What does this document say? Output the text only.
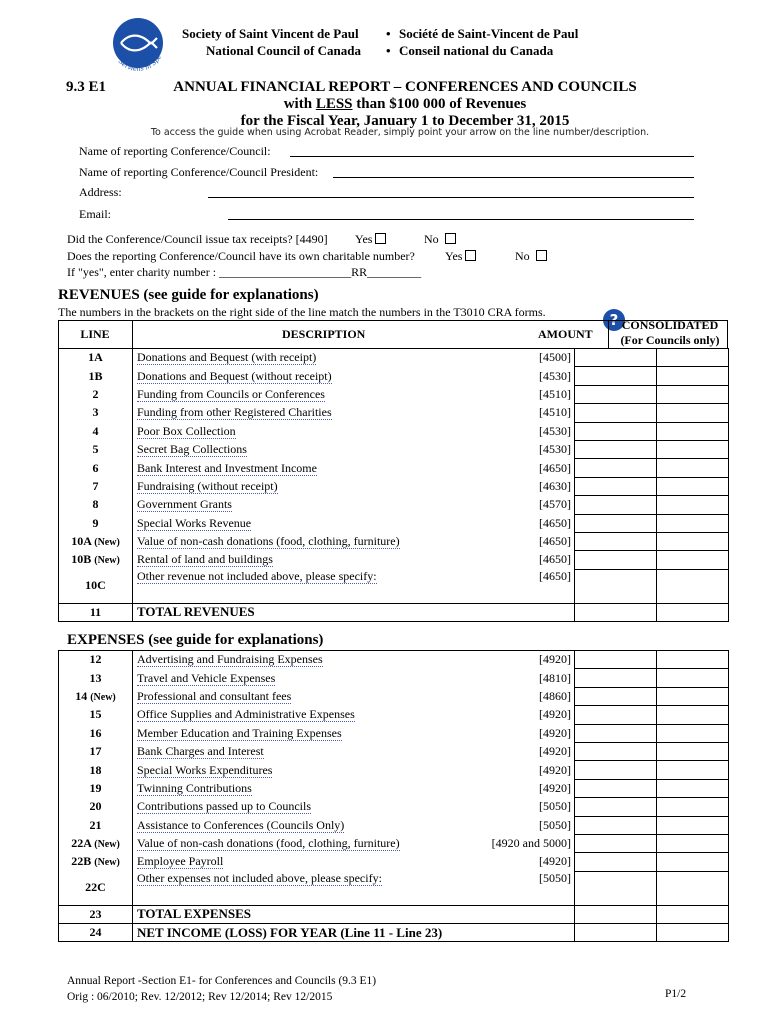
Serviens in Spe
Society of Saint Vincent de Paul • Société de Saint-Vincent de Paul
National Council of Canada • Conseil national du Canada
9.3 E1	ANNUAL FINANCIAL REPORT – CONFERENCES AND COUNCILS
with LESS than $100 000 of Revenues
for the Fiscal Year, January 1 to December 31, 2015
To access the guide when using Acrobat Reader, simply point your arrow on the line number/description.
Name of reporting Conference/Council:
Name of reporting Conference/Council President:
Address:
Email:
Did the Conference/Council issue tax receipts? [4490] Yes	No
Does the reporting Conference/Council have its own charitable number?	Yes	No
If "yes", enter charity number : ______________________RR_________
REVENUES (see guide for explanations)
The numbers in the brackets on the right side of the line match the numbers in the T3010 CRA forms.	? CONSOLIDATED
(For Councils only)
LINE	DESCRIPTION	AMOUNT
1A	Donations and Bequest (with receipt)	[4500]		
1B	Donations and Bequest (without receipt)	[4530]		
2	Funding from Councils or Conferences	[4510]		
3	Funding from other Registered Charities	[4510]		
4	Poor Box Collection	[4530]		
5	Secret Bag Collections	[4530]		
6	Bank Interest and Investment Income	[4650]		
7	Fundraising (without receipt)	[4630]		
8	Government Grants	[4570]		
9	Special Works Revenue	[4650]		
10A (New)	Value of non-cash donations (food, clothing, furniture)	[4650]		
10B (New)	Rental of land and buildings	[4650]		
10C	Other revenue not included above, please specify:	[4650]		
11	TOTAL REVENUES			
EXPENSES (see guide for explanations)
12	Advertising and Fundraising Expenses	[4920]		
13	Travel and Vehicle Expenses	[4810]		
14 (New)	Professional and consultant fees	[4860]		
15	Office Supplies and Administrative Expenses	[4920]		
16	Member Education and Training Expenses	[4920]		
17	Bank Charges and Interest	[4920]		
18	Special Works Expenditures	[4920]		
19	Twinning Contributions	[4920]		
20	Contributions passed up to Councils	[5050]		
21	Assistance to Conferences (Councils Only)	[5050]		
22A (New)	Value of non-cash donations (food, clothing, furniture)	[4920 and 5000]		
22B (New)	Employee Payroll	[4920]		
22C	Other expenses not included above, please specify:	[5050]		
23	TOTAL EXPENSES			
24	NET INCOME (LOSS) FOR YEAR (Line 11 - Line 23)			
Annual Report -Section E1- for Conferences and Councils (9.3 E1)
Orig : 06/2010; Rev. 12/2012; Rev 12/2014; Rev 12/2015	P1/2
